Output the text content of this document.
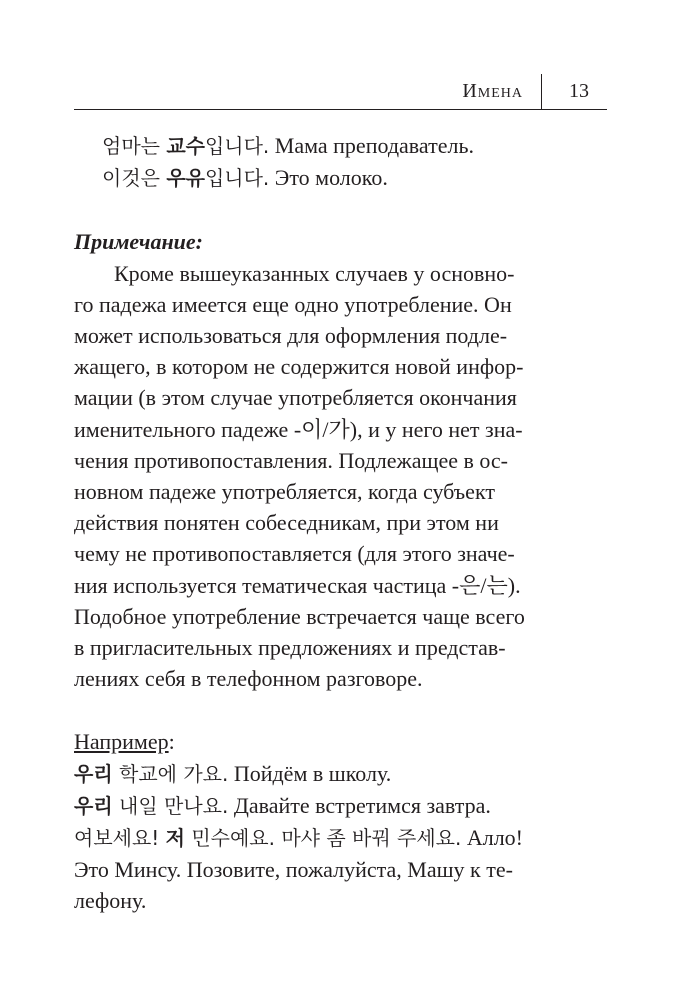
Имена 13
엄마는 교수입니다. Мама преподаватель.
이것은 우유입니다. Это молоко.
Примечание:
Кроме вышеуказанных случаев у основно-
го падежа имеется еще одно употребление. Он
может использоваться для оформления подле-
жащего, в котором не содержится новой инфор-
мации (в этом случае употребляется окончания
именительного падеже -이/가), и у него нет зна-
чения противопоставления. Подлежащее в ос-
новном падеже употребляется, когда субъект
действия понятен собеседникам, при этом ни
чему не противопоставляется (для этого значе-
ния используется тематическая частица -은/는).
Подобное употребление встречается чаще всего
в пригласительных предложениях и представ-
лениях себя в телефонном разговоре.
Например:
우리 학교에 가요. Пойдём в школу.
우리 내일 만나요. Давайте встретимся завтра.
여보세요! 저 민수예요. 마샤 좀 바꿔 주세요. Алло!
Это Минсу. Позовите, пожалуйста, Машу к те-
лефону.
